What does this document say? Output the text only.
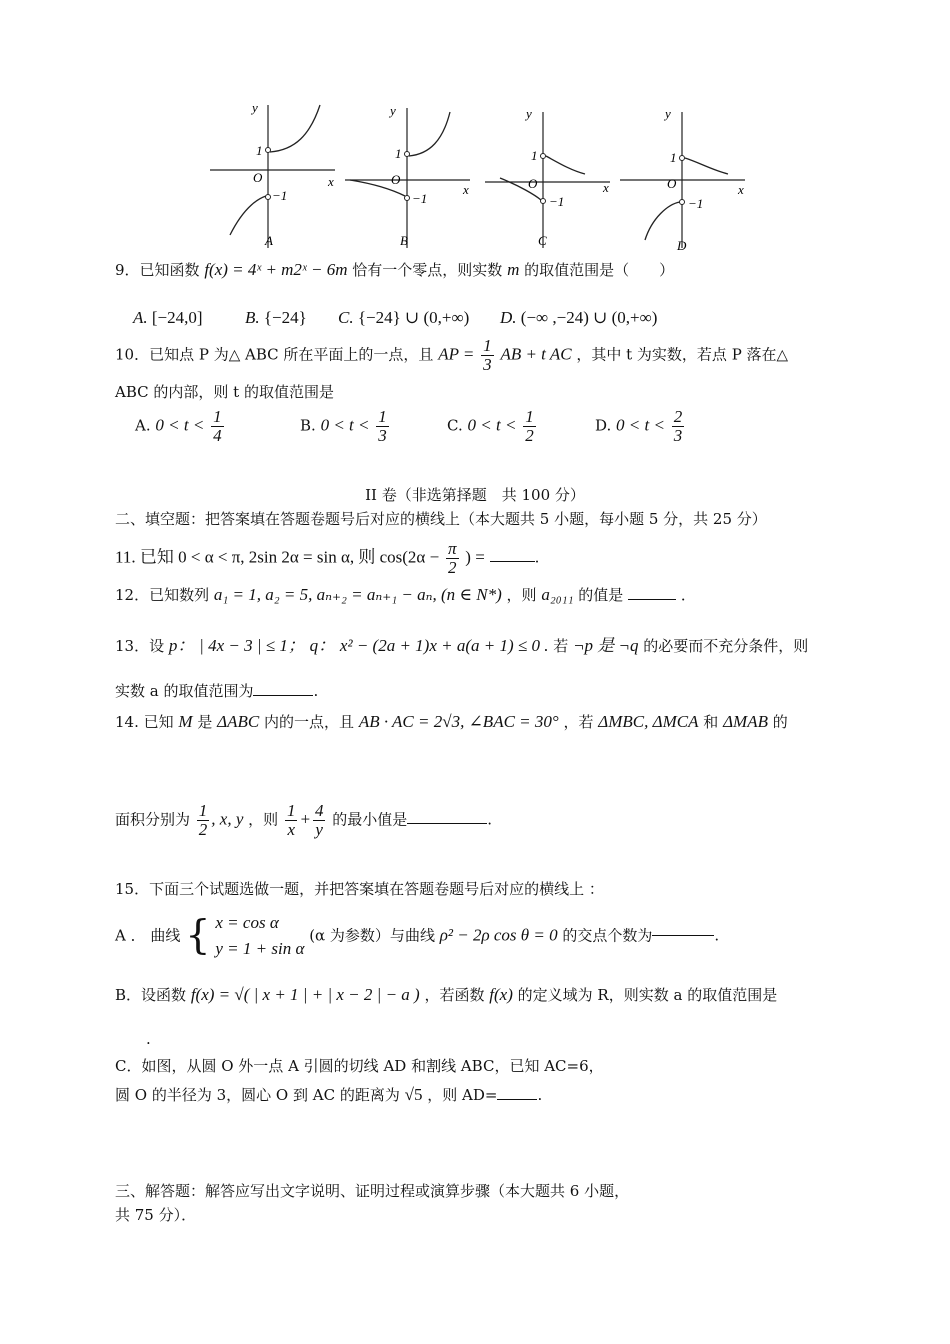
y
x
O
1
−1
A
y
x
O
1
−1
B
y
x
O
1
−1
C
y
x
O
1
−1
D
9．已知函数 f(x) = 4ˣ + m2ˣ − 6m 恰有一个零点，则实数 m 的取值范围是（　　）
A. [−24,0] B. {−24} C. {−24} ∪ (0,+∞) D. (−∞ ,−24) ∪ (0,+∞)
10．已知点 P 为△ ABC 所在平面上的一点，且 AP = $\frac{1}{3}$ AB + t AC ，其中 t 为实数，若点 P 落在△
ABC 的内部，则 t 的取值范围是
A. $0 < t < \frac{1}{4}$	B. $0 < t < \frac{1}{3}$	C. $0 < t < \frac{1}{2}$	D. $0 < t < \frac{2}{3}$
II 卷（非选第择题　共 100 分）
二、填空题：把答案填在答题卷题号后对应的横线上（本大题共 5 小题，每小题 5 分，共 25 分）
11. 已知 0 < α < π, 2sin 2α = sin α, 则 $\cos(2\alpha - \frac{\pi}{2}$ ) =	.
12．已知数列 a₁ = 1, a₂ = 5, aₙ₊₂ = aₙ₊₁ − aₙ, (n ∈ N*) ，则 a₂₀₁₁ 的值是	．
13．设 p： | 4x − 3 | ≤ 1； q： x² − (2a + 1)x + a(a + 1) ≤ 0 . 若 ¬p 是 ¬q 的必要而不充分条件，则
实数 a 的取值范围为	.
14. 已知 M 是 ΔABC 内的一点，且 AB · AC = 2√3, ∠BAC = 30° ，若 ΔMBC, ΔMCA 和 ΔMAB 的
面积分别为 $\frac{1}{2}$ , x, y ，则 $\frac{1}{x} + \frac{4}{y}$ 的最小值是	.
15．下面三个试题选做一题，并把答案填在答题卷题号后对应的横线上 ：
A ． 曲线 { x = cos α
y = 1 + sin α
(α 为参数）与曲线 ρ² − 2ρ cos θ = 0 的交点个数为	.
B．设函数 f(x) = √( | x + 1 | + | x − 2 | − a ) ，若函数 f(x) 的定义域为 R，则实数 a 的取值范围是
.
C．如图，从圆 O 外一点 A 引圆的切线 AD 和割线 ABC，已知 AC=6，
圆 O 的半径为 3，圆心 O 到 AC 的距离为 √5 ，则 AD=	.
三、解答题：解答应写出文字说明、证明过程或演算步骤（本大题共 6 小题，
共 75 分）．
